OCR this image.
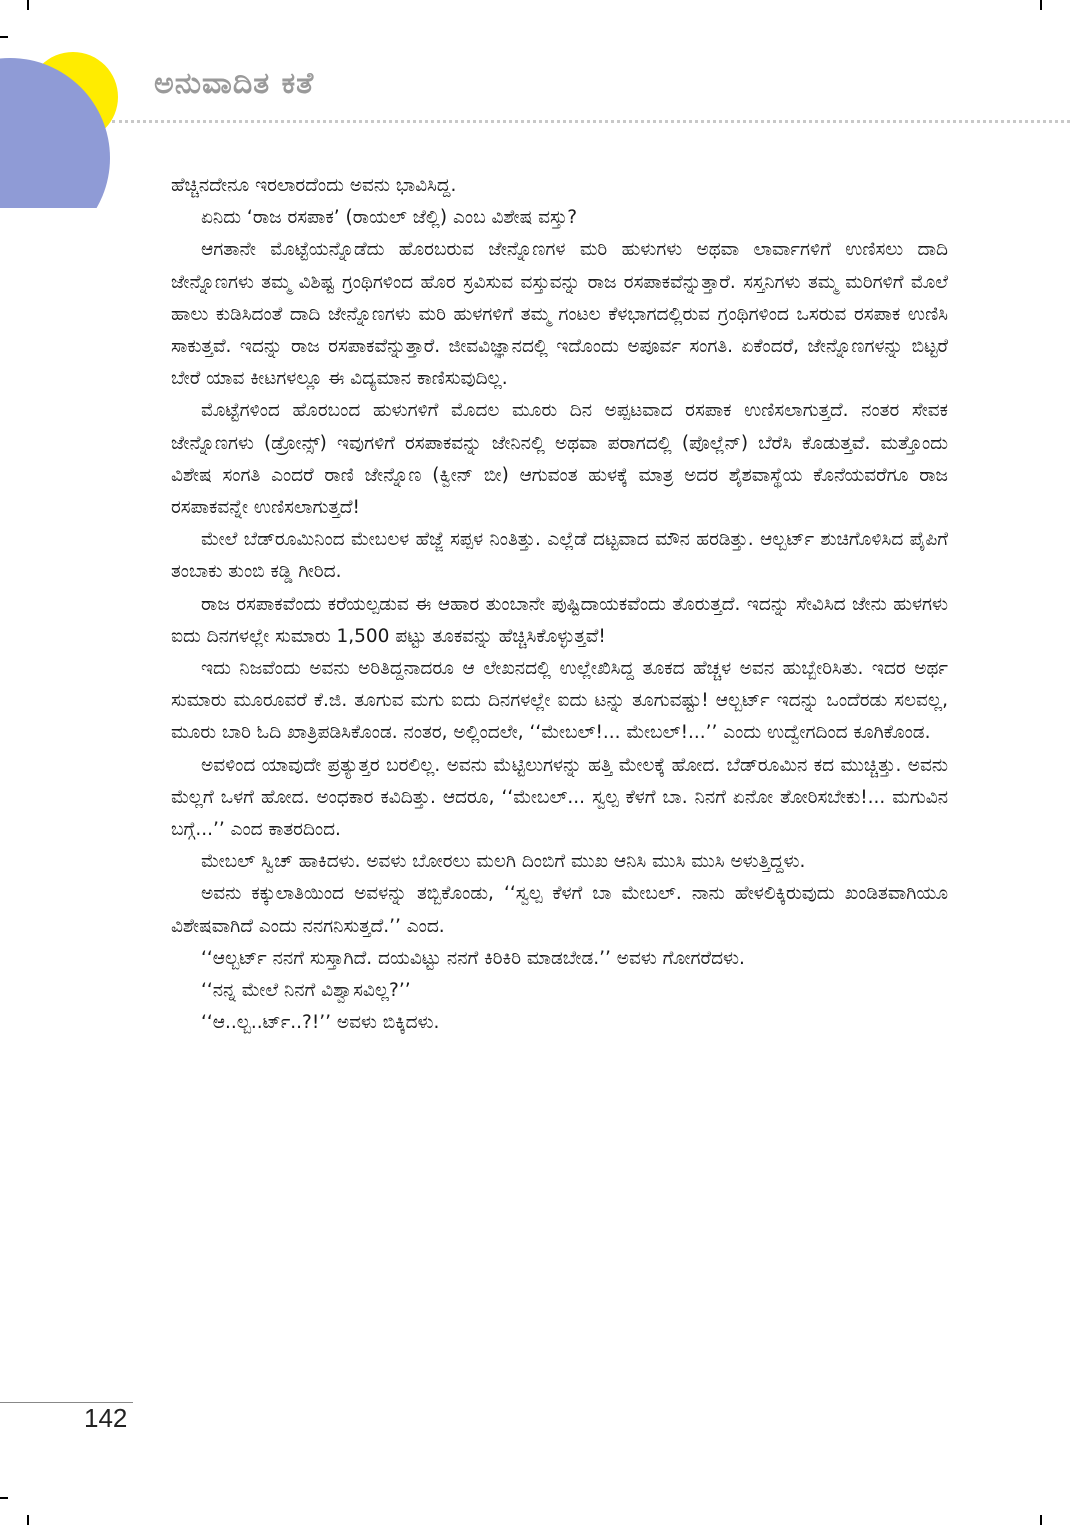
ಅನುವಾದಿತ ಕತೆ

ಹೆಚ್ಚಿನದೇನೂ ಇರಲಾರದೆಂದು ಅವನು ಭಾವಿಸಿದ್ದ.

ಏನಿದು ‘ರಾಜ ರಸಪಾಕ’ (ರಾಯಲ್ ಜೆಲ್ಲಿ) ಎಂಬ ವಿಶೇಷ ವಸ್ತು?

ಆಗತಾನೇ ಮೊಟ್ಟೆಯನ್ನೊಡೆದು ಹೊರಬರುವ ಜೇನ್ನೊಣಗಳ ಮರಿ ಹುಳುಗಳು ಅಥವಾ ಲಾರ್ವಾಗಳಿಗೆ ಉಣಿಸಲು ದಾದಿ ಜೇನ್ನೊಣಗಳು ತಮ್ಮ ವಿಶಿಷ್ಟ ಗ್ರಂಥಿಗಳಿಂದ ಹೊರ ಸ್ರವಿಸುವ ವಸ್ತುವನ್ನು ರಾಜ ರಸಪಾಕವೆನ್ನುತ್ತಾರೆ. ಸಸ್ತನಿಗಳು ತಮ್ಮ ಮರಿಗಳಿಗೆ ಮೊಲೆ ಹಾಲು ಕುಡಿಸಿದಂತೆ ದಾದಿ ಜೇನ್ನೊಣಗಳು ಮರಿ ಹುಳಗಳಿಗೆ ತಮ್ಮ ಗಂಟಲ ಕೆಳಭಾಗದಲ್ಲಿರುವ ಗ್ರಂಥಿಗಳಿಂದ ಒಸರುವ ರಸಪಾಕ ಉಣಿಸಿ ಸಾಕುತ್ತವೆ. ಇದನ್ನು ರಾಜ ರಸಪಾಕವೆನ್ನುತ್ತಾರೆ. ಜೀವವಿಜ್ಞಾನದಲ್ಲಿ ಇದೊಂದು ಅಪೂರ್ವ ಸಂಗತಿ. ಏಕೆಂದರೆ, ಜೇನ್ನೊಣಗಳನ್ನು ಬಿಟ್ಟರೆ ಬೇರೆ ಯಾವ ಕೀಟಗಳಲ್ಲೂ ಈ ವಿದ್ಯಮಾನ ಕಾಣಿಸುವುದಿಲ್ಲ.

ಮೊಟ್ಟೆಗಳಿಂದ ಹೊರಬಂದ ಹುಳುಗಳಿಗೆ ಮೊದಲ ಮೂರು ದಿನ ಅಪ್ಪಟವಾದ ರಸಪಾಕ ಉಣಿಸಲಾಗುತ್ತದೆ. ನಂತರ ಸೇವಕ ಜೇನ್ನೊಣಗಳು (ಡ್ರೋನ್ಸ್) ಇವುಗಳಿಗೆ ರಸಪಾಕವನ್ನು ಜೇನಿನಲ್ಲಿ ಅಥವಾ ಪರಾಗದಲ್ಲಿ (ಪೊಲ್ಲೆನ್) ಬೆರೆಸಿ ಕೊಡುತ್ತವೆ. ಮತ್ತೊಂದು ವಿಶೇಷ ಸಂಗತಿ ಎಂದರೆ ರಾಣಿ ಜೇನ್ನೊಣ (ಕ್ವೀನ್ ಬೀ) ಆಗುವಂತ ಹುಳಕ್ಕೆ ಮಾತ್ರ ಅದರ ಶೈಶವಾಸ್ಥೆಯ ಕೊನೆಯವರೆಗೂ ರಾಜ ರಸಪಾಕವನ್ನೇ ಉಣಿಸಲಾಗುತ್ತದೆ!

ಮೇಲೆ ಬೆಡ್‌ರೂಮಿನಿಂದ ಮೇಬಲಳ ಹೆಜ್ಜೆ ಸಪ್ಪಳ ನಿಂತಿತ್ತು. ಎಲ್ಲೆಡೆ ದಟ್ಟವಾದ ಮೌನ ಹರಡಿತ್ತು. ಆಲ್ಬರ್ಟ್ ಶುಚಿಗೊಳಿಸಿದ ಪೈಪಿಗೆ ತಂಬಾಕು ತುಂಬಿ ಕಡ್ಡಿ ಗೀರಿದ.

ರಾಜ ರಸಪಾಕವೆಂದು ಕರೆಯಲ್ಪಡುವ ಈ ಆಹಾರ ತುಂಬಾನೇ ಪುಷ್ಟಿದಾಯಕವೆಂದು ತೊರುತ್ತದೆ. ಇದನ್ನು ಸೇವಿಸಿದ ಜೇನು ಹುಳಗಳು ಐದು ದಿನಗಳಲ್ಲೇ ಸುಮಾರು 1,500 ಪಟ್ಟು ತೂಕವನ್ನು ಹೆಚ್ಚಿಸಿಕೊಳ್ಳುತ್ತವೆ!

ಇದು ನಿಜವೆಂದು ಅವನು ಅರಿತಿದ್ದನಾದರೂ ಆ ಲೇಖನದಲ್ಲಿ ಉಲ್ಲೇಖಿಸಿದ್ದ ತೂಕದ ಹೆಚ್ಚಳ ಅವನ ಹುಬ್ಬೇರಿಸಿತು. ಇದರ ಅರ್ಥ ಸುಮಾರು ಮೂರೂವರೆ ಕೆ.ಜಿ. ತೂಗುವ ಮಗು ಐದು ದಿನಗಳಲ್ಲೇ ಐದು ಟನ್ನು ತೂಗುವಷ್ಟು! ಆಲ್ಬರ್ಟ್ ಇದನ್ನು ಒಂದೆರಡು ಸಲವಲ್ಲ, ಮೂರು ಬಾರಿ ಓದಿ ಖಾತ್ರಿಪಡಿಸಿಕೊಂಡ. ನಂತರ, ಅಲ್ಲಿಂದಲೇ, ‘‘ಮೇಬಲ್!... ಮೇಬಲ್!...’’ ಎಂದು ಉದ್ವೇಗದಿಂದ ಕೂಗಿಕೊಂಡ.

ಅವಳಿಂದ ಯಾವುದೇ ಪ್ರತ್ಯುತ್ತರ ಬರಲಿಲ್ಲ. ಅವನು ಮೆಟ್ಟಿಲುಗಳನ್ನು ಹತ್ತಿ ಮೇಲಕ್ಕೆ ಹೋದ. ಬೆಡ್‌ರೂಮಿನ ಕದ ಮುಚ್ಚಿತ್ತು. ಅವನು ಮೆಲ್ಲಗೆ ಒಳಗೆ ಹೋದ. ಅಂಧಕಾರ ಕವಿದಿತ್ತು. ಆದರೂ, ‘‘ಮೇಬಲ್... ಸ್ವಲ್ಪ ಕೆಳಗೆ ಬಾ. ನಿನಗೆ ಏನೋ ತೋರಿಸಬೇಕು!... ಮಗುವಿನ ಬಗ್ಗೆ...’’ ಎಂದ ಕಾತರದಿಂದ.

ಮೇಬಲ್ ಸ್ವಿಚ್ ಹಾಕಿದಳು. ಅವಳು ಬೋರಲು ಮಲಗಿ ದಿಂಬಿಗೆ ಮುಖ ಆನಿಸಿ ಮುಸಿ ಮುಸಿ ಅಳುತ್ತಿದ್ದಳು.

ಅವನು ಕಕ್ಕುಲಾತಿಯಿಂದ ಅವಳನ್ನು ತಬ್ಬಿಕೊಂಡು, ‘‘ಸ್ವಲ್ಪ ಕೆಳಗೆ ಬಾ ಮೇಬಲ್. ನಾನು ಹೇಳಲಿಕ್ಕಿರುವುದು ಖಂಡಿತವಾಗಿಯೂ ವಿಶೇಷವಾಗಿದೆ ಎಂದು ನನಗನಿಸುತ್ತದೆ.’’ ಎಂದ.

‘‘ಆಲ್ಬರ್ಟ್ ನನಗೆ ಸುಸ್ತಾಗಿದೆ. ದಯವಿಟ್ಟು ನನಗೆ ಕಿರಿಕಿರಿ ಮಾಡಬೇಡ.’’ ಅವಳು ಗೋಗರೆದಳು.

‘‘ನನ್ನ ಮೇಲೆ ನಿನಗೆ ವಿಶ್ವಾಸವಿಲ್ಲ?’’

‘‘ಆ..ಲ್ಬ..ರ್ಟ್..?!’’ ಅವಳು ಬಿಕ್ಕಿದಳು.

142
